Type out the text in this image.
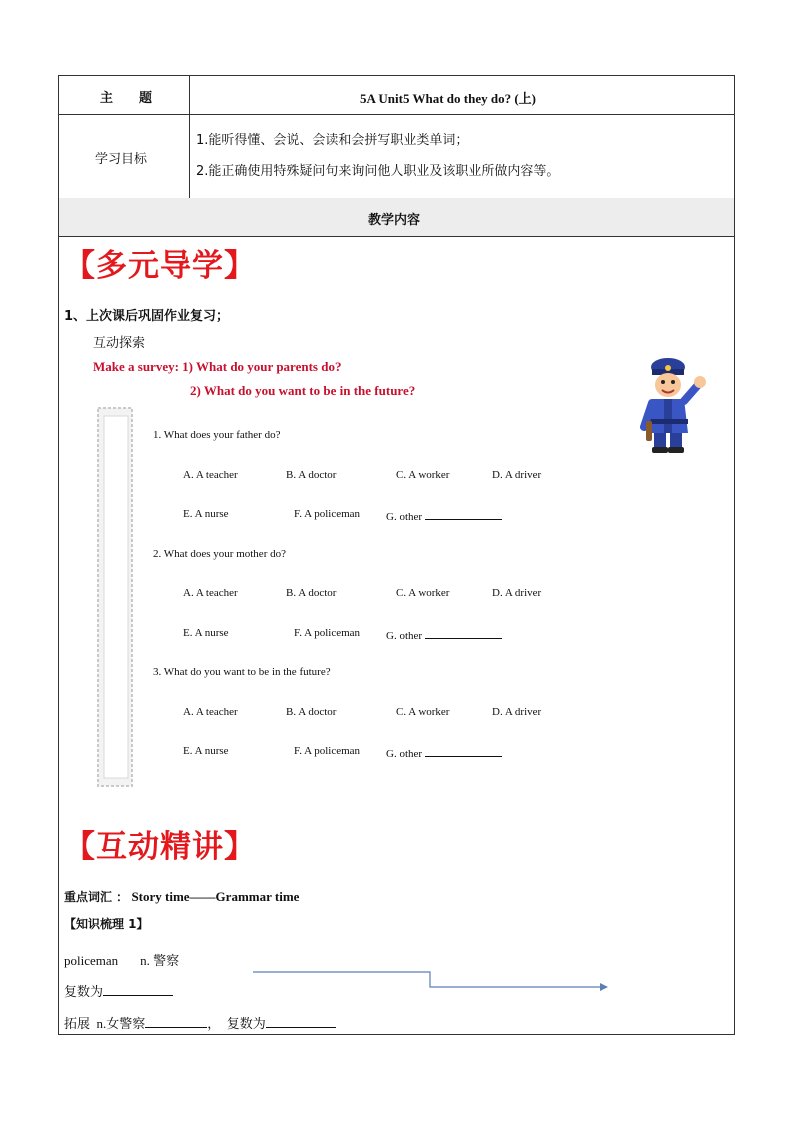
主　　题	5A Unit5 What do they do? (上)
学习目标
1.能听得懂、会说、会读和会拼写职业类单词；
2.能正确使用特殊疑问句来询问他人职业及该职业所做内容等。
教学内容
【多元导学】
1、上次课后巩固作业复习；
互动探索
Make a survey: 1) What do your parents do?
2) What do you want to be in the future?
1. What does your father do?
A. A teacher	B. A doctor	C. A worker	D. A driver
E. A nurse	F. A policeman G. other
2. What does your mother do?
A. A teacher	B. A doctor	C. A worker	D. A driver
E. A nurse	F. A policeman G. other
3. What do you want to be in the future?
A. A teacher	B. A doctor	C. A worker	D. A driver
E. A nurse	F. A policeman G. other
【互动精讲】
重点词汇 ： Story time——Grammar time
【知识梳理 1】
policeman n. 警察
复数为
拓展 n.女警察	， 复数为
